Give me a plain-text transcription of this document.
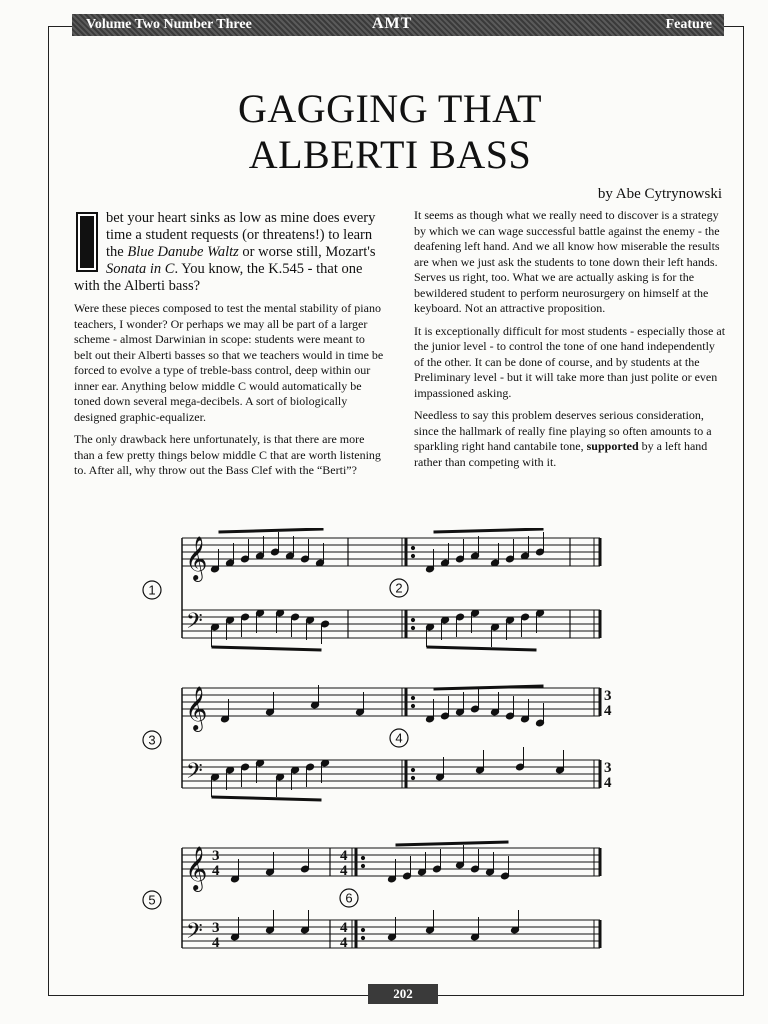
Volume Two Number Three	AMT	Feature
GAGGING THAT
ALBERTI BASS
by Abe Cytrynowski

bet your heart sinks as low as mine does every time a student requests (or threatens!) to learn the Blue Danube Waltz or worse still, Mozart's Sonata in C. You know, the K.545 - that one with the Alberti bass?

Were these pieces composed to test the mental stability of piano teachers, I wonder? Or perhaps we may all be part of a larger scheme - almost Darwinian in scope: students were meant to belt out their Alberti basses so that we teachers would in time be forced to evolve a type of treble-bass control, deep within our inner ear. Anything below middle C would automatically be toned down several mega-decibels. A sort of biologically designed graphic-equalizer.

The only drawback here unfortunately, is that there are more than a few pretty things below middle C that are worth listening to. After all, why throw out the Bass Clef with the “Berti”?

It seems as though what we really need to discover is a strategy by which we can wage successful battle against the enemy - the deafening left hand. And we all know how miserable the results are when we just ask the students to tone down their left hands. Serves us right, too. What we are actually asking is for the bewildered student to perform neurosurgery on himself at the keyboard. Not an attractive proposition.

It is exceptionally difficult for most students - especially those at the junior level - to control the tone of one hand independently of the other. It can be done of course, and by students at the Preliminary level - but it will take more than just polite or even impassioned asking.

Needless to say this problem deserves serious consideration, since the hallmark of really fine playing so often amounts to a sparkling right hand cantabile tone, supported by a left hand rather than competing with it.

𝄞
𝄢
1	2
𝄞
𝄢
3	4
3
4
3
4
𝄞
𝄢
5	6
3
4
3
4
4
4
4
4
202
